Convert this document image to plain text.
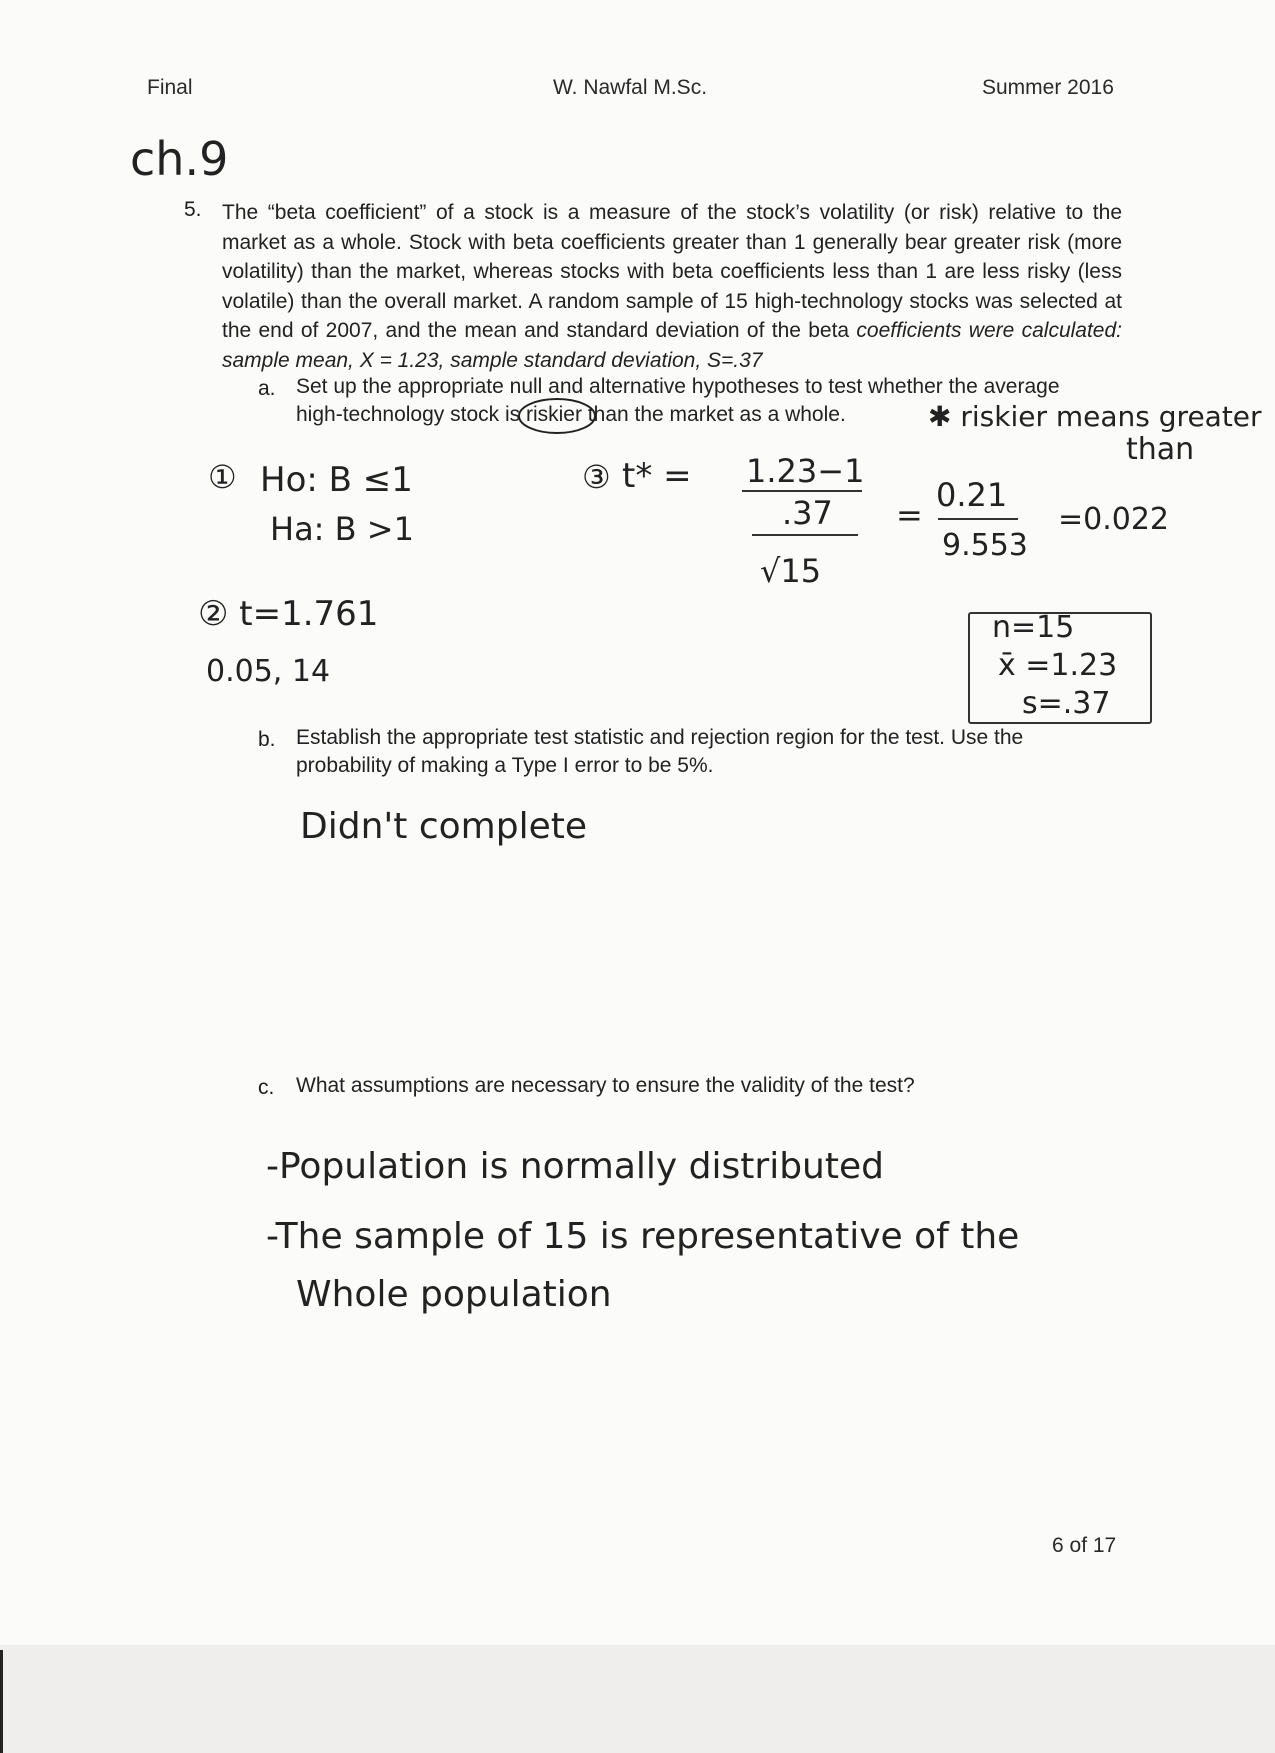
Final	W. Nawfal M.Sc.	Summer 2016
ch.9
5. The “beta coefficient” of a stock is a measure of the stock’s volatility (or risk) relative to the market as a whole. Stock with beta coefficients greater than 1 generally bear greater risk (more volatility) than the market, whereas stocks with beta coefficients less than 1 are less risky (less volatile) than the overall market. A random sample of 15 high-technology stocks was selected at the end of 2007, and the mean and standard deviation of the beta coefficients were calculated: sample mean, X = 1.23, sample standard deviation, S=.37
a. Set up the appropriate null and alternative hypotheses to test whether the average
high-technology stock is riskier than the market as a whole.	✱ riskier means greater
than
① Ho: B ≤1
Ha: B >1
③ t* = 1.23−1
.37
√15
=
0.21
9.553
=0.022
② t=1.761
0.05, 14
n=15
x̄ =1.23
s=.37
b. Establish the appropriate test statistic and rejection region for the test. Use the
probability of making a Type I error to be 5%.
Didn't complete
c. What assumptions are necessary to ensure the validity of the test?
-Population is normally distributed
-The sample of 15 is representative of the
Whole population
6 of 17
